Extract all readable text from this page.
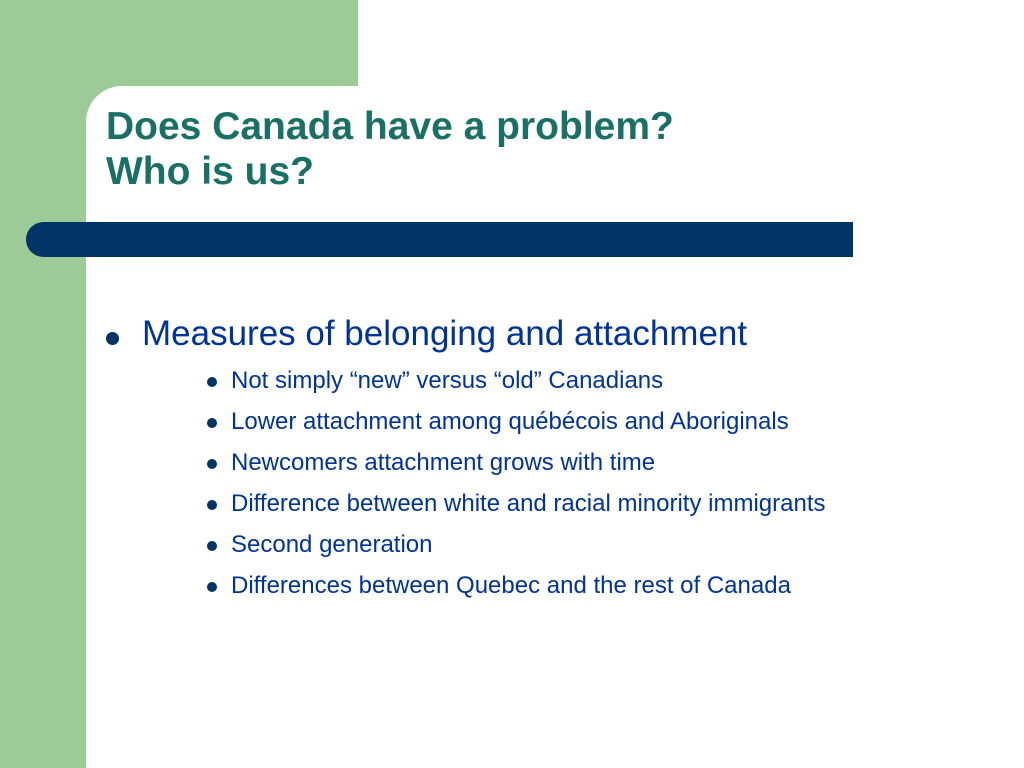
Does Canada have a problem?
Who is us?
Measures of belonging and attachment
Not simply “new” versus “old” Canadians
Lower attachment among québécois and Aboriginals
Newcomers attachment grows with time
Difference between white and racial minority immigrants
Second generation
Differences between Quebec and the rest of Canada
